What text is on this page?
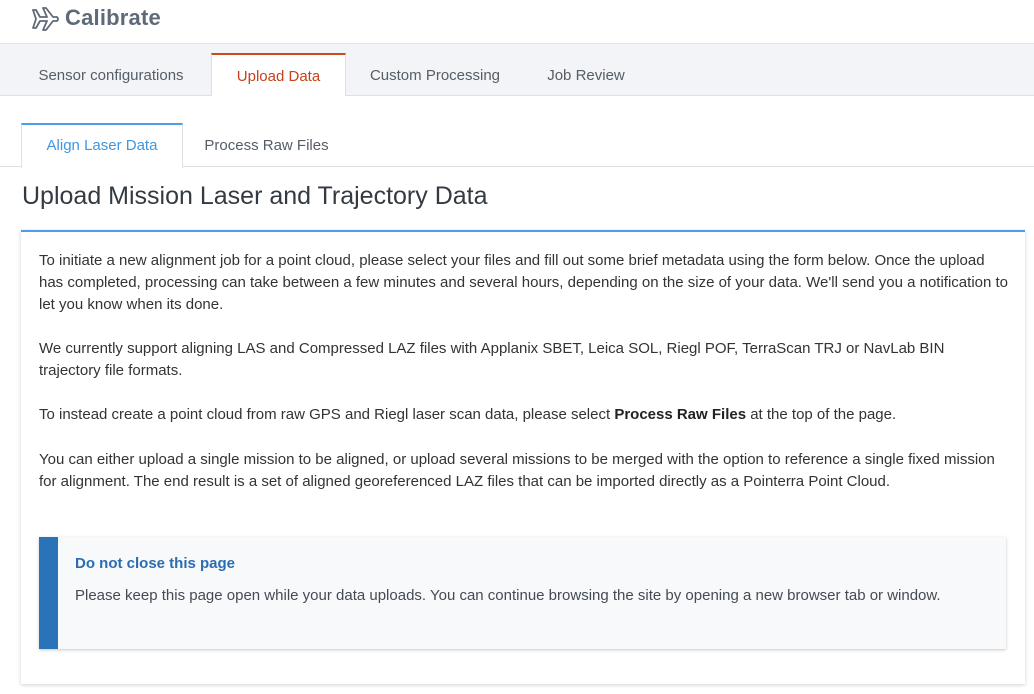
Calibrate
Sensor configurations	Upload Data	Custom Processing	Job Review
Align Laser Data	Process Raw Files
Upload Mission Laser and Trajectory Data

To initiate a new alignment job for a point cloud, please select your files and fill out some brief metadata using the form below. Once the upload has completed, processing can take between a few minutes and several hours, depending on the size of your data. We'll send you a notification to let you know when its done.

We currently support aligning LAS and Compressed LAZ files with Applanix SBET, Leica SOL, Riegl POF, TerraScan TRJ or NavLab BIN trajectory file formats.

To instead create a point cloud from raw GPS and Riegl laser scan data, please select Process Raw Files at the top of the page.

You can either upload a single mission to be aligned, or upload several missions to be merged with the option to reference a single fixed mission for alignment. The end result is a set of aligned georeferenced LAZ files that can be imported directly as a Pointerra Point Cloud.

Do not close this page
Please keep this page open while your data uploads. You can continue browsing the site by opening a new browser tab or window.
